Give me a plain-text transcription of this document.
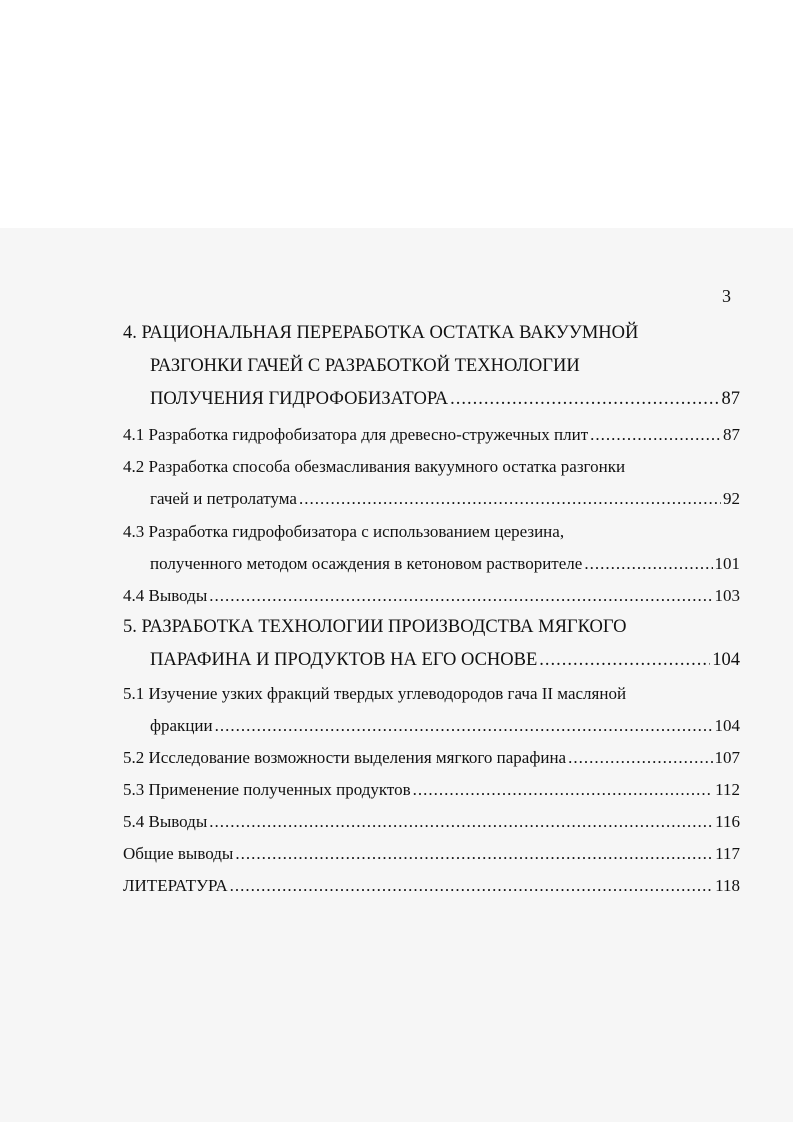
3
4. РАЦИОНАЛЬНАЯ ПЕРЕРАБОТКА ОСТАТКА ВАКУУМНОЙ
РАЗГОНКИ ГАЧЕЙ С РАЗРАБОТКОЙ ТЕХНОЛОГИИ
ПОЛУЧЕНИЯ ГИДРОФОБИЗАТОРА .....	87
4.1 Разработка гидрофобизатора для древесно-стружечных плит .....	87
4.2 Разработка способа обезмасливания вакуумного остатка разгонки
гачей и петролатума .....	92
4.3 Разработка гидрофобизатора с использованием церезина,
полученного методом осаждения в кетоновом растворителе .....	101
4.4 Выводы .....	103
5. РАЗРАБОТКА ТЕХНОЛОГИИ ПРОИЗВОДСТВА МЯГКОГО
ПАРАФИНА И ПРОДУКТОВ НА ЕГО ОСНОВЕ .....	104
5.1 Изучение узких фракций твердых углеводородов гача II масляной
фракции .....	104
5.2 Исследование возможности выделения мягкого парафина .....	107
5.3 Применение полученных продуктов .....	112
5.4 Выводы .....	116
Общие выводы .....	117
ЛИТЕРАТУРА .....	118
